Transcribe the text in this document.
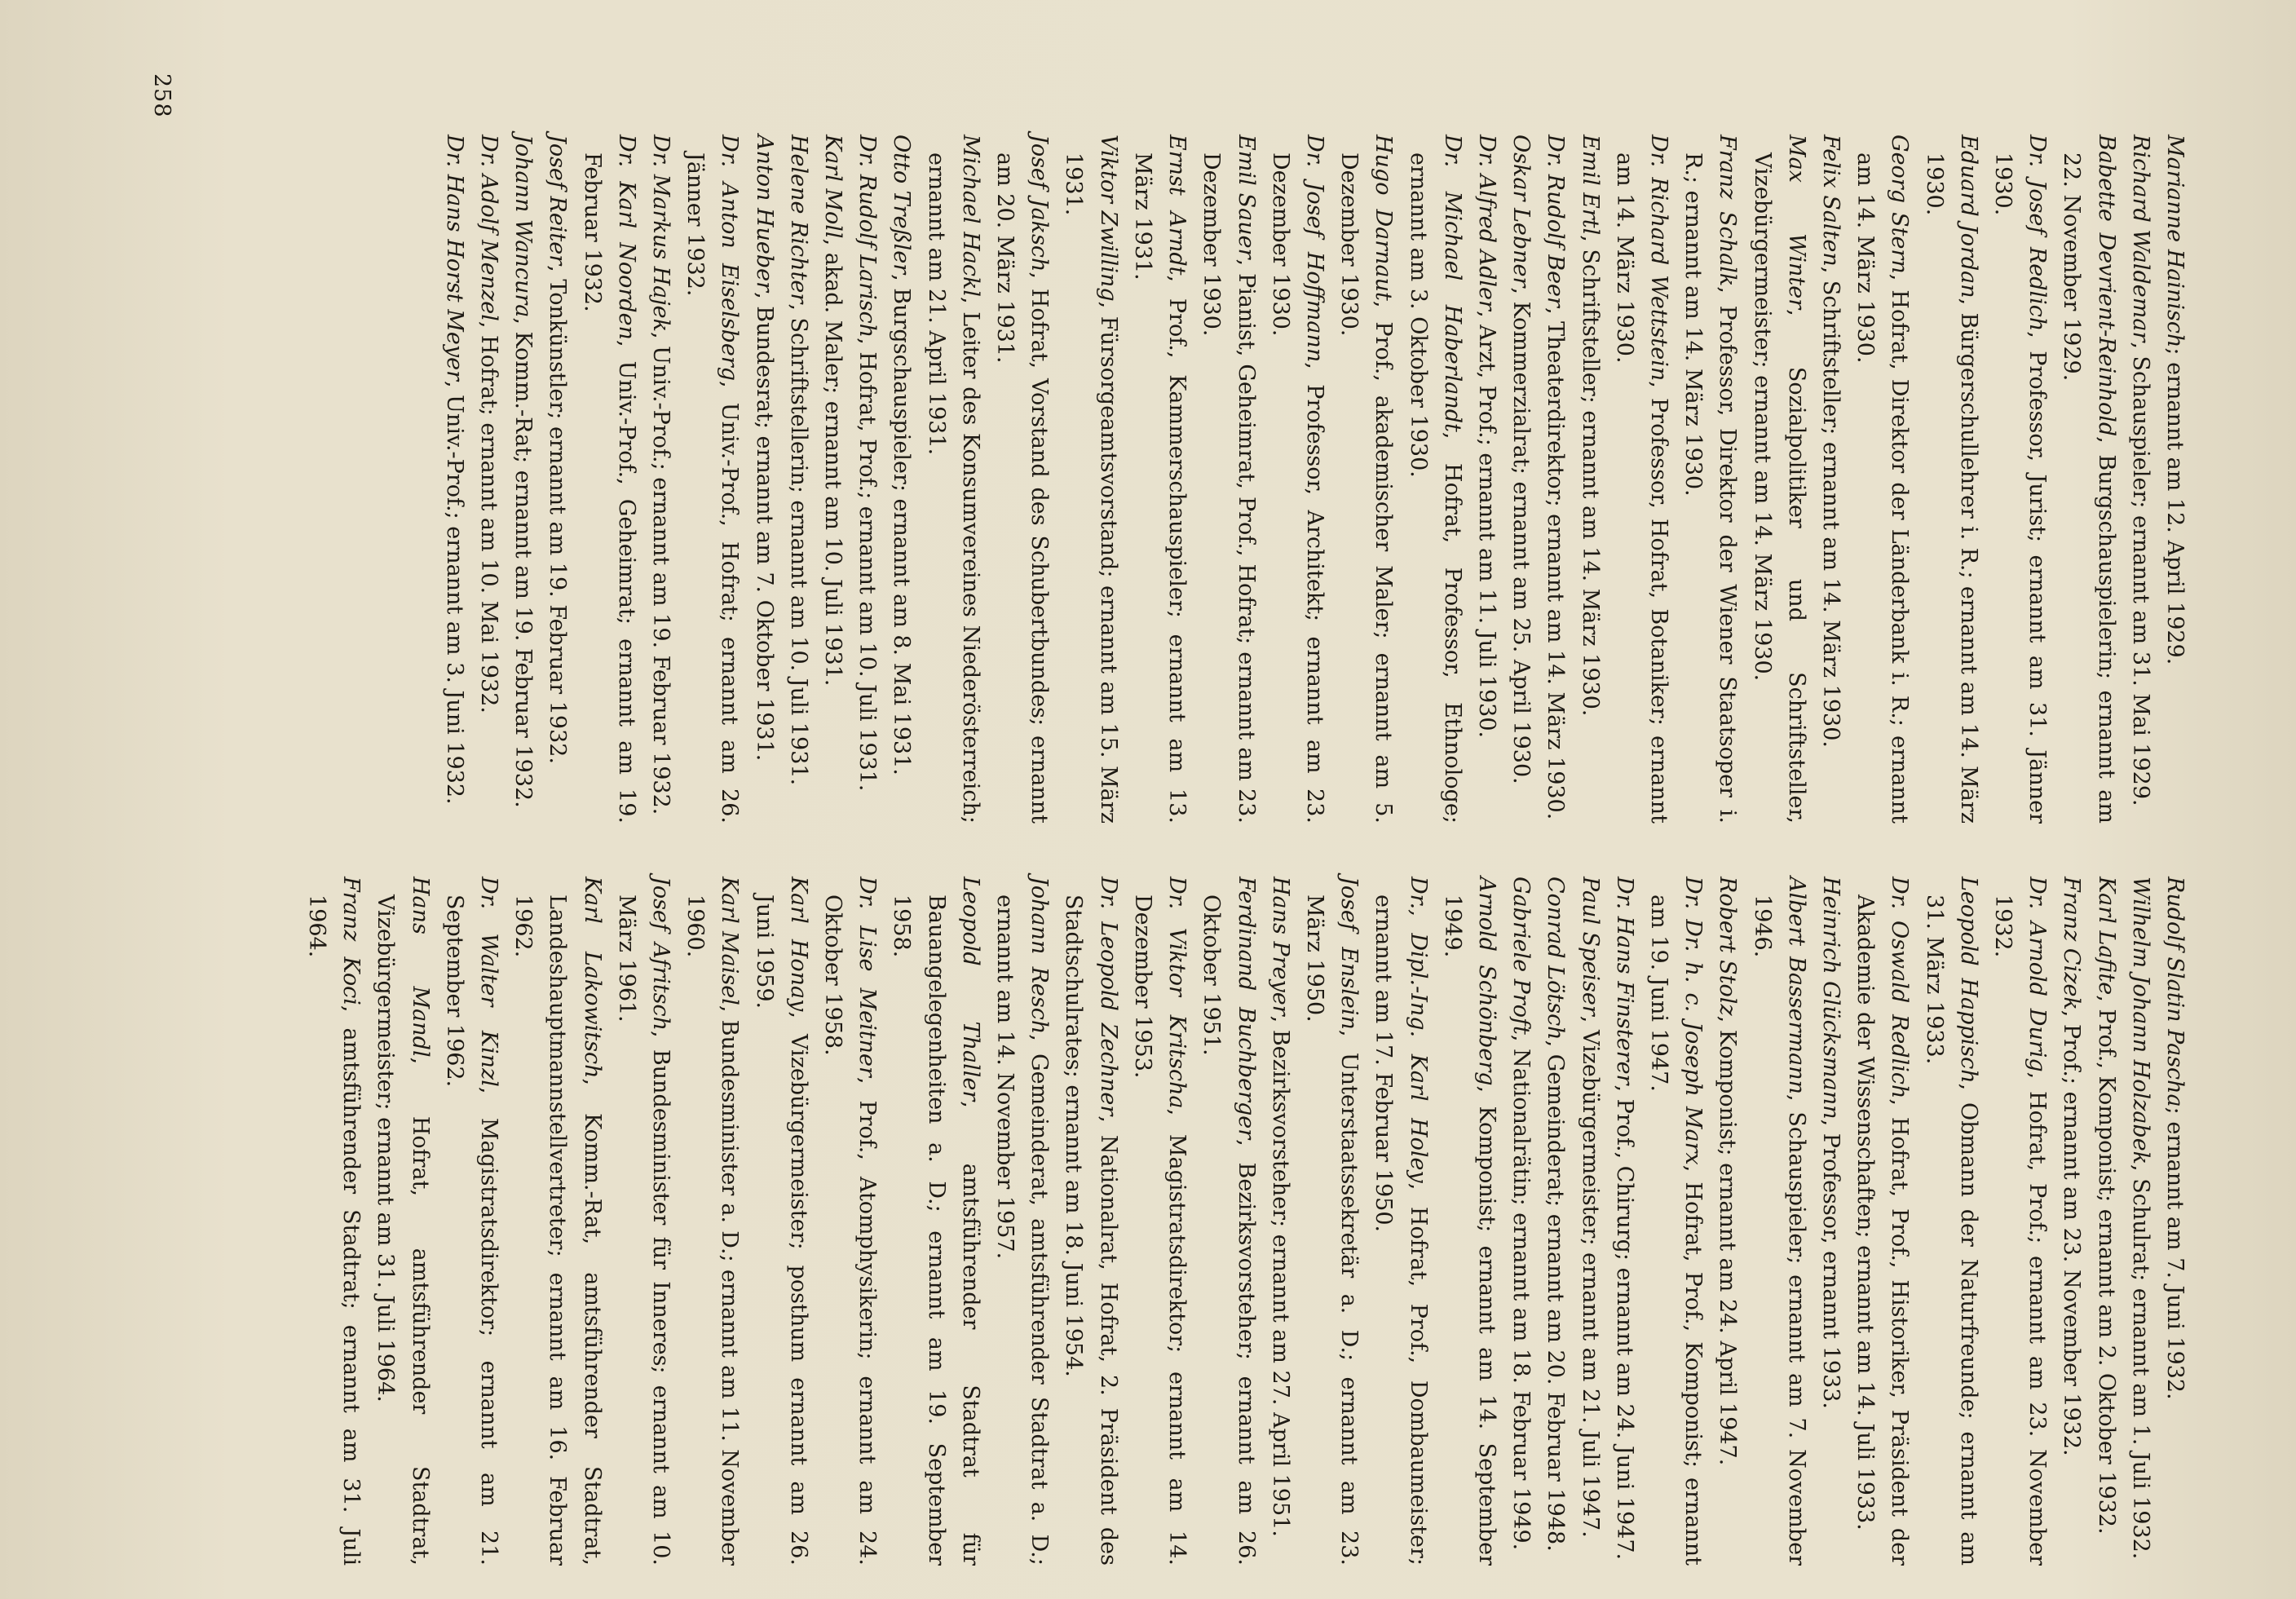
Marianne Hainisch; ernannt am 12. April 1929.

Richard Waldemar, Schauspieler; ernannt am 31. Mai 1929.

Babette Devrient-Reinhold, Burgschauspielerin; ernannt am 22. November 1929.

Dr. Josef Redlich, Professor, Jurist; ernannt am 31. Jänner 1930.

Eduard Jordan, Bürgerschullehrer i. R.; ernannt am 14. März 1930.

Georg Stern, Hofrat, Direktor der Länderbank i. R.; ernannt am 14. März 1930.

Felix Salten, Schriftsteller; ernannt am 14. März 1930.

Max Winter, Sozialpolitiker und Schriftsteller, Vizebürgermeister; ernannt am 14. März 1930.

Franz Schalk, Professor, Direktor der Wiener Staatsoper i. R.; ernannt am 14. März 1930.

Dr. Richard Wettstein, Professor, Hofrat, Botaniker; ernannt am 14. März 1930.

Emil Ertl, Schriftsteller; ernannt am 14. März 1930.

Dr. Rudolf Beer, Theaterdirektor; ernannt am 14. März 1930.

Oskar Lebner, Kommerzialrat; ernannt am 25. April 1930.

Dr. Alfred Adler, Arzt, Prof.; ernannt am 11. Juli 1930.

Dr. Michael Haberlandt, Hofrat, Professor, Ethnologe; ernannt am 3. Oktober 1930.

Hugo Darnaut, Prof., akademischer Maler; ernannt am 5. Dezember 1930.

Dr. Josef Hoffmann, Professor, Architekt; ernannt am 23. Dezember 1930.

Emil Sauer, Pianist, Geheimrat, Prof., Hofrat; ernannt am 23. Dezember 1930.

Ernst Arndt, Prof., Kammerschauspieler; ernannt am 13. März 1931.

Viktor Zwilling, Fürsorgeamtsvorstand; ernannt am 15. März 1931.

Josef Jaksch, Hofrat, Vorstand des Schubertbundes; ernannt am 20. März 1931.

Michael Hackl, Leiter des Konsumvereines Niederösterreich; ernannt am 21. April 1931.

Otto Treßler, Burgschauspieler; ernannt am 8. Mai 1931.

Dr. Rudolf Larisch, Hofrat, Prof.; ernannt am 10. Juli 1931.

Karl Moll, akad. Maler; ernannt am 10. Juli 1931.

Helene Richter, Schriftstellerin; ernannt am 10. Juli 1931.

Anton Hueber, Bundesrat; ernannt am 7. Oktober 1931.

Dr. Anton Eiselsberg, Univ.-Prof., Hofrat; ernannt am 26. Jänner 1932.

Dr. Markus Hajek, Univ.-Prof.; ernannt am 19. Februar 1932.

Dr. Karl Noorden, Univ.-Prof., Geheimrat; ernannt am 19. Februar 1932.

Josef Reiter, Tonkünstler; ernannt am 19. Februar 1932.

Johann Wancura, Komm.-Rat; ernannt am 19. Februar 1932.

Dr. Adolf Menzel, Hofrat; ernannt am 10. Mai 1932.

Dr. Hans Horst Meyer, Univ.-Prof.; ernannt am 3. Juni 1932.

Rudolf Slatin Pascha; ernannt am 7. Juni 1932.

Wilhelm Johann Holzabek, Schulrat; ernannt am 1. Juli 1932.

Karl Lafite, Prof., Komponist; ernannt am 2. Oktober 1932.

Franz Cizek, Prof.; ernannt am 23. November 1932.

Dr. Arnold Durig, Hofrat, Prof.; ernannt am 23. November 1932.

Leopold Happisch, Obmann der Naturfreunde; ernannt am 31. März 1933.

Dr. Oswald Redlich, Hofrat, Prof., Historiker, Präsident der Akademie der Wissenschaften; ernannt am 14. Juli 1933.

Heinrich Glücksmann, Professor, ernannt 1933.

Albert Bassermann, Schauspieler; ernannt am 7. November 1946.

Robert Stolz, Komponist; ernannt am 24. April 1947.

Dr. Dr. h. c. Joseph Marx, Hofrat, Prof., Komponist; ernannt am 19. Juni 1947.

Dr. Hans Finsterer, Prof., Chirurg; ernannt am 24. Juni 1947.

Paul Speiser, Vizebürgermeister; ernannt am 21. Juli 1947.

Conrad Lötsch, Gemeinderat; ernannt am 20. Februar 1948.

Gabriele Proft, Nationalrätin; ernannt am 18. Februar 1949.

Arnold Schönberg, Komponist; ernannt am 14. September 1949.

Dr., Dipl.-Ing. Karl Holey, Hofrat, Prof., Dombaumeister; ernannt am 17. Februar 1950.

Josef Enslein, Unterstaatssekretär a. D.; ernannt am 23. März 1950.

Hans Preyer, Bezirksvorsteher; ernannt am 27. April 1951.

Ferdinand Buchberger, Bezirksvorsteher; ernannt am 26. Oktober 1951.

Dr. Viktor Kritscha, Magistratsdirektor; ernannt am 14. Dezember 1953.

Dr. Leopold Zechner, Nationalrat, Hofrat, 2. Präsident des Stadtschulrates; ernannt am 18. Juni 1954.

Johann Resch, Gemeinderat, amtsführender Stadtrat a. D.; ernannt am 14. November 1957.

Leopold Thaller, amtsführender Stadtrat für Bauangelegenheiten a. D.; ernannt am 19. September 1958.

Dr. Lise Meitner, Prof., Atomphysikerin; ernannt am 24. Oktober 1958.

Karl Honay, Vizebürgermeister; posthum ernannt am 26. Juni 1959.

Karl Maisel, Bundesminister a. D.; ernannt am 11. November 1960.

Josef Afritsch, Bundesminister für Inneres; ernannt am 10. März 1961.

Karl Lakowitsch, Komm.-Rat, amtsführender Stadtrat, Landeshauptmannstellvertreter; ernannt am 16. Februar 1962.

Dr. Walter Kinzl, Magistratsdirektor; ernannt am 21. September 1962.

Hans Mandl, Hofrat, amtsführender Stadtrat, Vizebürgermeister; ernannt am 31. Juli 1964.

Franz Koci, amtsführender Stadtrat; ernannt am 31. Juli 1964.

258
